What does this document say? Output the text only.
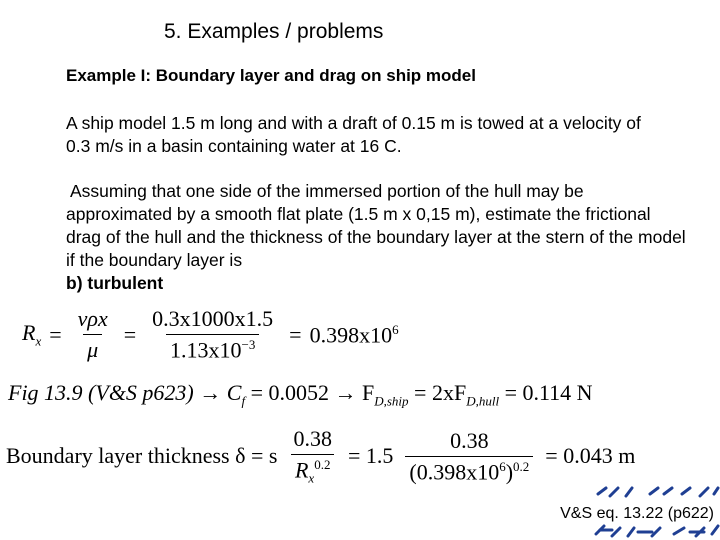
5. Examples / problems
Example I: Boundary layer and drag on ship model
A ship model 1.5 m long and with a draft of 0.15 m is towed at a velocity of 0.3 m/s in a basin containing water at 16 C.
Assuming that one side of the immersed portion of the hull may be approximated by a smooth flat plate (1.5 m x 0,15 m), estimate the frictional drag of the hull and the thickness of the boundary layer at the stern of the model if the boundary layer is
b) turbulent
$R_x = \frac{\text{vρx}}{\mu} = \frac{0.3x1000x1.5}{1.13x10^{-3}} = 0.398x10^6$
Fig 13.9 (V&S $p623) \to C_f = 0.0052 \to F_{D,ship} = 2xF_{D,hull} = 0.114$ N
Boundary layer thickness δ = s $\frac{0.38}{R_x^{0.2}} = 1.5 \frac{0.38}{(0.398x10^6)^{0.2}} = 0.043$ m
V&S eq. 13.22 (p622)
